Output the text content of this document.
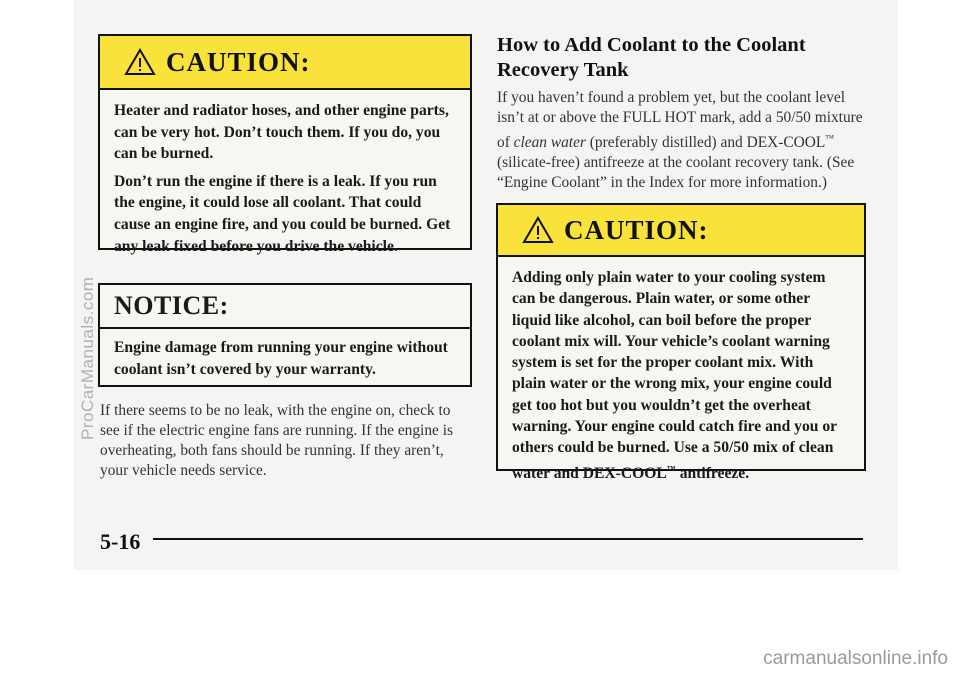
CAUTION:

Heater and radiator hoses, and other engine parts, can be very hot. Don’t touch them. If you do, you can be burned.

Don’t run the engine if there is a leak. If you run the engine, it could lose all coolant. That could cause an engine fire, and you could be burned. Get any leak fixed before you drive the vehicle.

NOTICE:

Engine damage from running your engine without coolant isn’t covered by your warranty.

If there seems to be no leak, with the engine on, check to see if the electric engine fans are running. If the engine is overheating, both fans should be running. If they aren’t, your vehicle needs service.
How to Add Coolant to the Coolant Recovery Tank
If you haven’t found a problem yet, but the coolant level isn’t at or above the FULL HOT mark, add a 50/50 mixture of clean water (preferably distilled) and DEX-COOL™ (silicate-free) antifreeze at the coolant recovery tank. (See “Engine Coolant” in the Index for more information.)
CAUTION:

Adding only plain water to your cooling system can be dangerous. Plain water, or some other liquid like alcohol, can boil before the proper coolant mix will. Your vehicle’s coolant warning system is set for the proper coolant mix. With plain water or the wrong mix, your engine could get too hot but you wouldn’t get the overheat warning. Your engine could catch fire and you or others could be burned. Use a 50/50 mix of clean water and DEX-COOL™ antifreeze.

5-16
ProCarManuals.com
carmanualsonline.info
